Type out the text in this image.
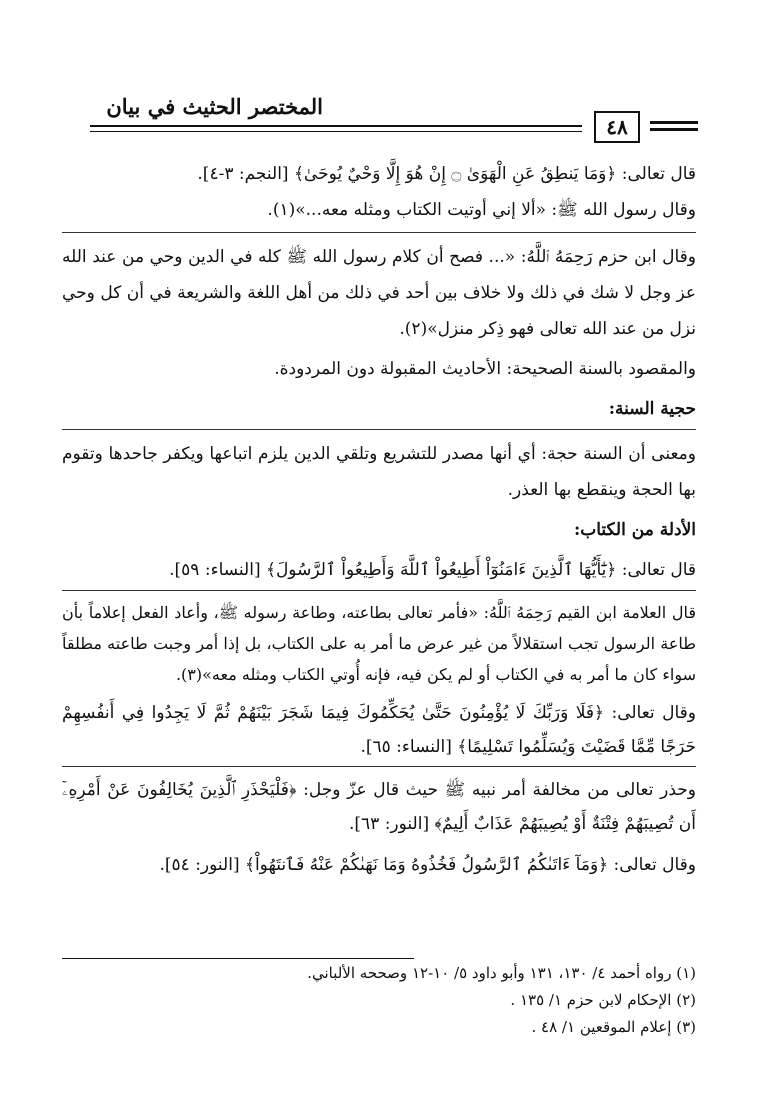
المختصر الحثيث في بيان
٤٨

قال تعالى: ﴿وَمَا يَنطِقُ عَنِ الْهَوَىٰ ۝ إِنْ هُوَ إِلَّا وَحْيٌ يُوحَىٰ﴾ [النجم: ٣-٤].

وقال رسول الله ﷺ: «ألا إني أوتيت الكتاب ومثله معه...»(١).

وقال ابن حزم رَحِمَهُ ٱللَّهُ: «... فصح أن كلام رسول الله ﷺ كله في الدين وحي من عند الله عز وجل لا شك في ذلك ولا خلاف بين أحد في ذلك من أهل اللغة والشريعة في أن كل وحي نزل من عند الله تعالى فهو ذِكر منزل»(٢).

والمقصود بالسنة الصحيحة: الأحاديث المقبولة دون المردودة.

حجية السنة:

ومعنى أن السنة حجة: أي أنها مصدر للتشريع وتلقي الدين يلزم اتباعها ويكفر جاحدها وتقوم بها الحجة وينقطع بها العذر.

الأدلة من الكتاب:

قال تعالى: ﴿يَٰٓأَيُّهَا ٱلَّذِينَ ءَامَنُوٓاْ أَطِيعُواْ ٱللَّهَ وَأَطِيعُواْ ٱلرَّسُولَ﴾ [النساء: ٥٩].

قال العلامة ابن القيم رَحِمَهُ ٱللَّهُ: «فأمر تعالى بطاعته، وطاعة رسوله ﷺ، وأعاد الفعل إعلاماً بأن طاعة الرسول تجب استقلالاً من غير عرض ما أمر به على الكتاب، بل إذا أمر وجبت طاعته مطلقاً سواء كان ما أمر به في الكتاب أو لم يكن فيه، فإنه أُوتي الكتاب ومثله معه»(٣).

وقال تعالى: ﴿فَلَا وَرَبِّكَ لَا يُؤْمِنُونَ حَتَّىٰ يُحَكِّمُوكَ فِيمَا شَجَرَ بَيْنَهُمْ ثُمَّ لَا يَجِدُوا فِي أَنفُسِهِمْ حَرَجًا مِّمَّا قَضَيْتَ وَيُسَلِّمُوا تَسْلِيمًا﴾ [النساء: ٦٥].

وحذر تعالى من مخالفة أمر نبيه ﷺ حيث قال عزّ وجل: ﴿فَلْيَحْذَرِ ٱلَّذِينَ يُخَالِفُونَ عَنْ أَمْرِهِۦٓ أَن تُصِيبَهُمْ فِتْنَةٌ أَوْ يُصِيبَهُمْ عَذَابٌ أَلِيمٌ﴾ [النور: ٦٣].

وقال تعالى: ﴿وَمَآ ءَاتَىٰكُمُ ٱلرَّسُولُ فَخُذُوهُ وَمَا نَهَىٰكُمْ عَنْهُ فَٱنتَهُواْ﴾ [النور: ٥٤].

(١) رواه أحمد ٤/ ١٣٠، ١٣١ وأبو داود ٥/ ١٠-١٢ وصححه الألباني.
(٢) الإحكام لابن حزم ١/ ١٣٥ .
(٣) إعلام الموقعين ١/ ٤٨ .
